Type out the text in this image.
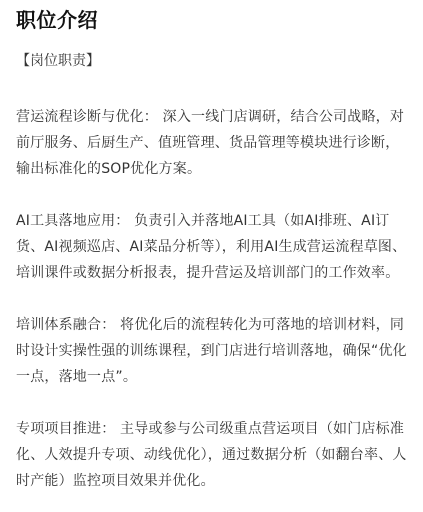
职位介绍
【岗位职责】

营运流程诊断与优化： 深入一线门店调研，结合公司战略，对前厅服务、后厨生产、值班管理、货品管理等模块进行诊断，输出标准化的SOP优化方案。

AI工具落地应用： 负责引入并落地AI工具（如AI排班、AI订货、AI视频巡店、AI菜品分析等），利用AI生成营运流程草图、培训课件或数据分析报表，提升营运及培训部门的工作效率。

培训体系融合： 将优化后的流程转化为可落地的培训材料，同时设计实操性强的训练课程，到门店进行培训落地，确保“优化一点，落地一点”。

专项项目推进： 主导或参与公司级重点营运项目（如门店标准化、人效提升专项、动线优化），通过数据分析（如翻台率、人时产能）监控项目效果并优化。
